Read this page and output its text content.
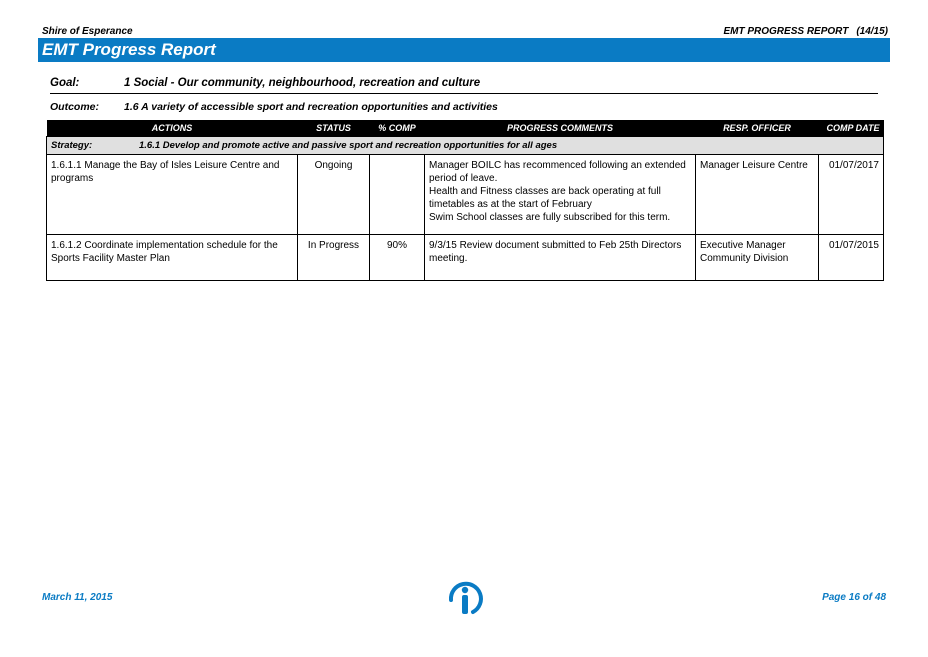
Shire of Esperance	EMT PROGRESS REPORT (14/15)
EMT Progress Report
Goal:	1 Social - Our community, neighbourhood, recreation and culture
Outcome: 1.6 A variety of accessible sport and recreation opportunities and activities
ACTIONS	STATUS	% COMP	PROGRESS COMMENTS	RESP. OFFICER	COMP DATE
Strategy: 1.6.1 Develop and promote active and passive sport and recreation opportunities for all ages					
1.6.1.1 Manage the Bay of Isles Leisure Centre and programs	Ongoing		Manager BOILC has recommenced following an extended period of leave.
Health and Fitness classes are back operating at full timetables as at the start of February
Swim School classes are fully subscribed for this term.	Manager Leisure Centre	01/07/2017
1.6.1.2 Coordinate implementation schedule for the Sports Facility Master Plan	In Progress	90%	9/3/15 Review document submitted to Feb 25th Directors meeting.	Executive Manager Community Division	01/07/2015
March 11, 2015	Page 16 of 48
